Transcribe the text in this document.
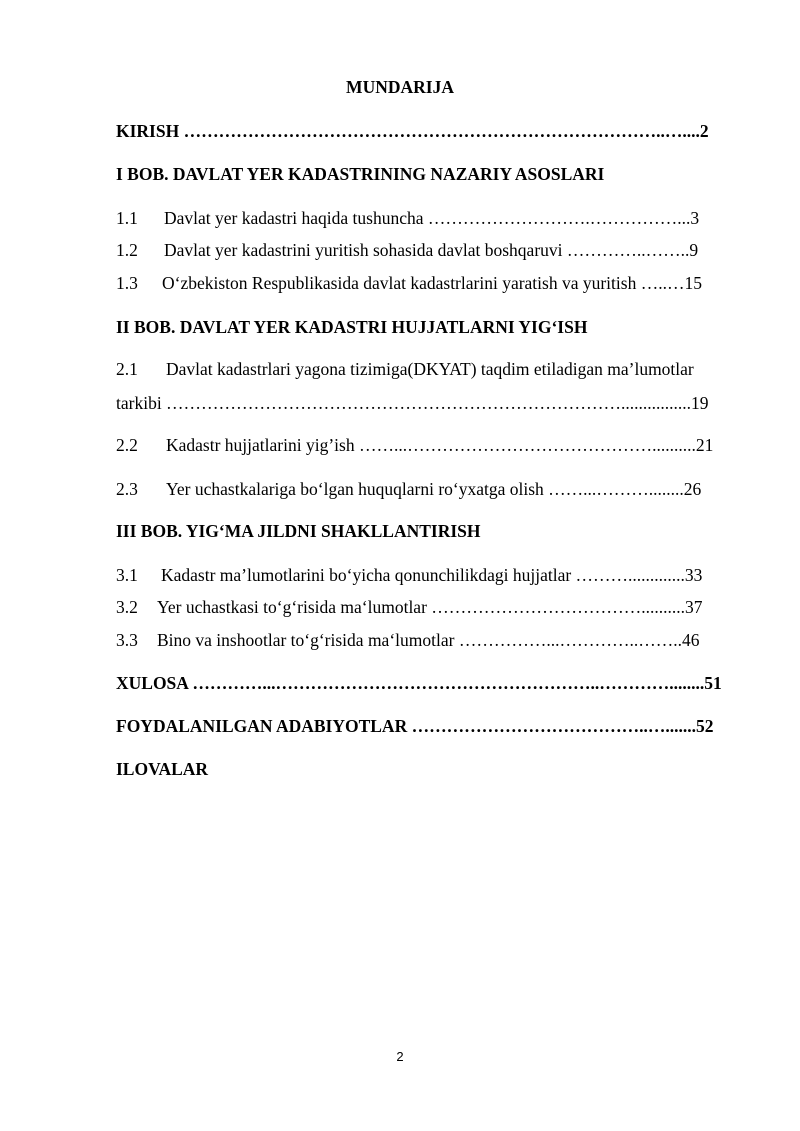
MUNDARIJA
KIRISH ………………………………………………………………………..…....2
I BOB. DAVLAT YER KADASTRINING NAZARIY ASOSLARI
1.1 Davlat yer kadastri haqida tushuncha ……………………….……………...3
1.2 Davlat yer kadastrini yuritish sohasida davlat boshqaruvi …………..……..9
1.3 O‘zbekiston Respublikasida davlat kadastrlarini yaratish va yuritish …..…15
II BOB. DAVLAT YER KADASTRI HUJJATLARNI YIG‘ISH
2.1 Davlat kadastrlari yagona tizimiga(DKYAT) taqdim etiladigan ma’lumotlar
tarkibi ……………………………………………………………………................19
2.2 Kadastr hujjatlarini yig’ish ……...……………………………………..........21
2.3 Yer uchastkalariga bo‘lgan huquqlarni ro‘yxatga olish ……...………........26
III BOB. YIG‘MA JILDNI SHAKLLANTIRISH
3.1 Kadastr ma’lumotlarini bo‘yicha qonunchilikdagi hujjatlar ……….............33
3.2 Yer uchastkasi to‘g‘risida ma‘lumotlar ………………………………..........37
3.3 Bino va inshootlar to‘g‘risida ma‘lumotlar ……………...…………..……..46
XULOSA …………...………………………………………………..…………........51
FOYDALANILGAN ADABIYOTLAR …………………………………..….......52
ILOVALAR
2
